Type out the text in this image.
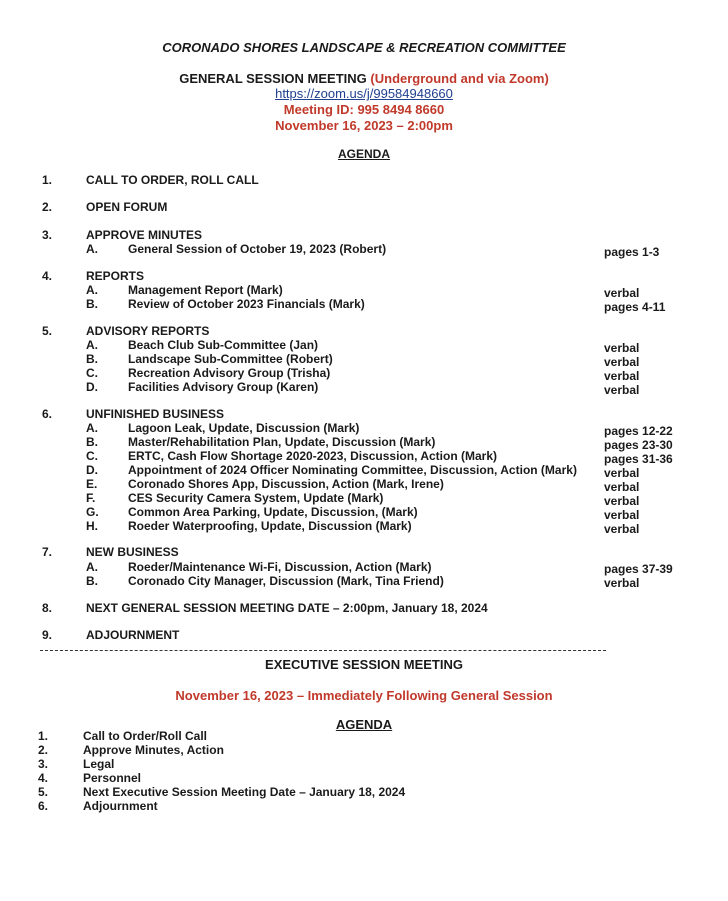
CORONADO SHORES LANDSCAPE & RECREATION COMMITTEE
GENERAL SESSION MEETING (Underground and via Zoom)
https://zoom.us/j/99584948660
Meeting ID: 995 8494 8660
November 16, 2023 – 2:00pm
AGENDA
1.	CALL TO ORDER, ROLL CALL
2.	OPEN FORUM
3.	APPROVE MINUTES
A.	General Session of October 19, 2023 (Robert)	pages 1-3
4.	REPORTS
A.	Management Report (Mark)	verbal
B.	Review of October 2023 Financials (Mark)	pages 4-11
5.	ADVISORY REPORTS
A.	Beach Club Sub-Committee (Jan)	verbal
B.	Landscape Sub-Committee (Robert)	verbal
C.	Recreation Advisory Group (Trisha)	verbal
D.	Facilities Advisory Group (Karen)	verbal
6.	UNFINISHED BUSINESS
A.	Lagoon Leak, Update, Discussion (Mark)	pages 12-22
B.	Master/Rehabilitation Plan, Update, Discussion (Mark)	pages 23-30
C.	ERTC, Cash Flow Shortage 2020-2023, Discussion, Action (Mark)	pages 31-36
D.	Appointment of 2024 Officer Nominating Committee, Discussion, Action (Mark) verbal
E.	Coronado Shores App, Discussion, Action (Mark, Irene)	verbal
F.	CES Security Camera System, Update (Mark)	verbal
G. Common Area Parking, Update, Discussion, (Mark)	verbal
H.	Roeder Waterproofing, Update, Discussion (Mark)	verbal
7.	NEW BUSINESS
A.	Roeder/Maintenance Wi-Fi, Discussion, Action (Mark)	pages 37-39
B.	Coronado City Manager, Discussion (Mark, Tina Friend)	verbal
8.	NEXT GENERAL SESSION MEETING DATE – 2:00pm, January 18, 2024
9.	ADJOURNMENT
EXECUTIVE SESSION MEETING
November 16, 2023 – Immediately Following General Session
AGENDA
1.	Call to Order/Roll Call
2.	Approve Minutes, Action
3.	Legal
4.	Personnel
5.	Next Executive Session Meeting Date – January 18, 2024
6.	Adjournment
